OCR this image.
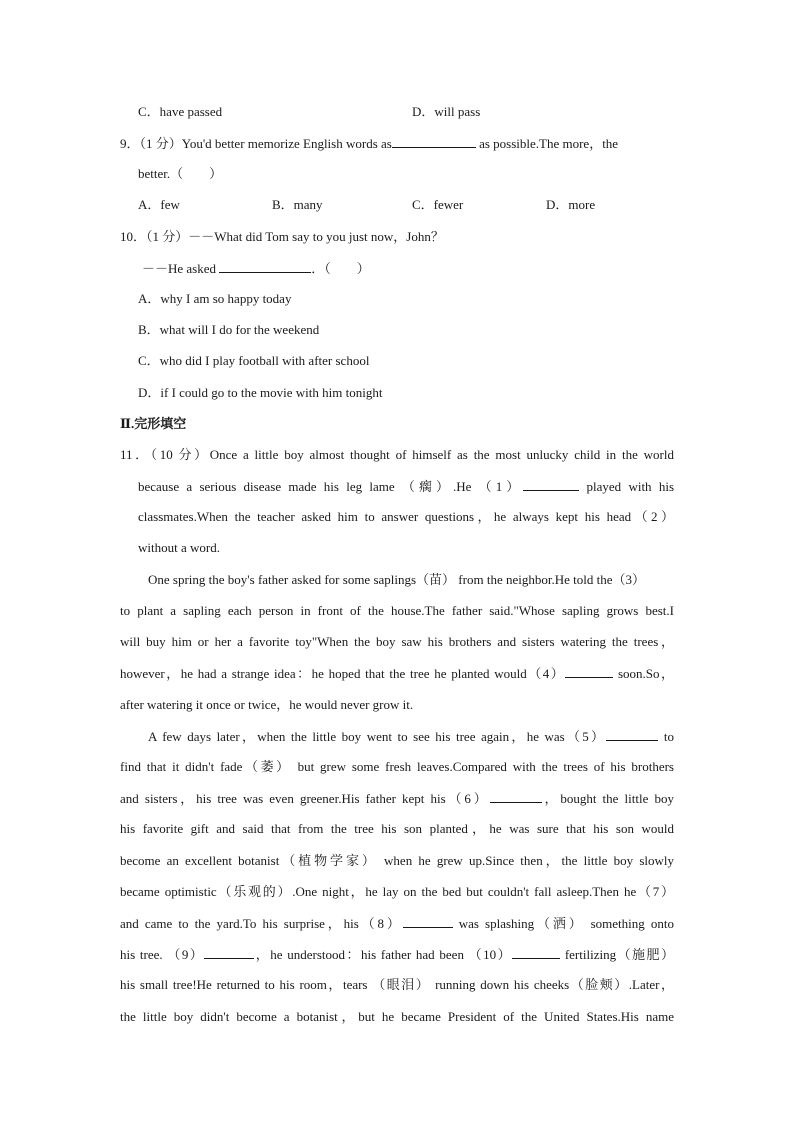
C．have passed	D．will pass
9．（1 分）You'd better memorize English words as	as possible.The more，the
better.（　　）
A．few	B．many	C．fewer	D．more
10．（1 分）－－What did Tom say to you just now，John？
－－He asked	．（　　）
A．why I am so happy today
B．what will I do for the weekend
C．who did I play football with after school
D．if I could go to the movie with him tonight
Ⅱ.完形填空
11．（10 分）Once a little boy almost thought of himself as the most unlucky child in the world
because a serious disease made his leg lame （瘸）.He （1）	played with his
classmates.When the teacher asked him to answer questions，he always kept his head（2）
without a word.
One spring the boy's father asked for some saplings（苗） from the neighbor.He told the（3）
to plant a sapling each person in front of the house.The father said."Whose sapling grows best.I
will buy him or her a favorite toy"When the boy saw his brothers and sisters watering the trees，
however，he had a strange idea：he hoped that the tree he planted would（4）	soon.So，
after watering it once or twice，he would never grow it.
A few days later，when the little boy went to see his tree again，he was（5）	to
find that it didn't fade（萎） but grew some fresh leaves.Compared with the trees of his brothers
and sisters，his tree was even greener.His father kept his（6）	，bought the little boy
his favorite gift and said that from the tree his son planted，he was sure that his son would
become an excellent botanist（植物学家） when he grew up.Since then，the little boy slowly
became optimistic（乐观的）.One night，he lay on the bed but couldn't fall asleep.Then he（7）
and came to the yard.To his surprise，his（8）	was splashing（洒） something onto
his tree. （9）	，he understood：his father had been （10）	fertilizing（施肥）
his small tree!He returned to his room，tears （眼泪） running down his cheeks（脸颊）.Later，
the little boy didn't become a botanist，but he became President of the United States.His name
